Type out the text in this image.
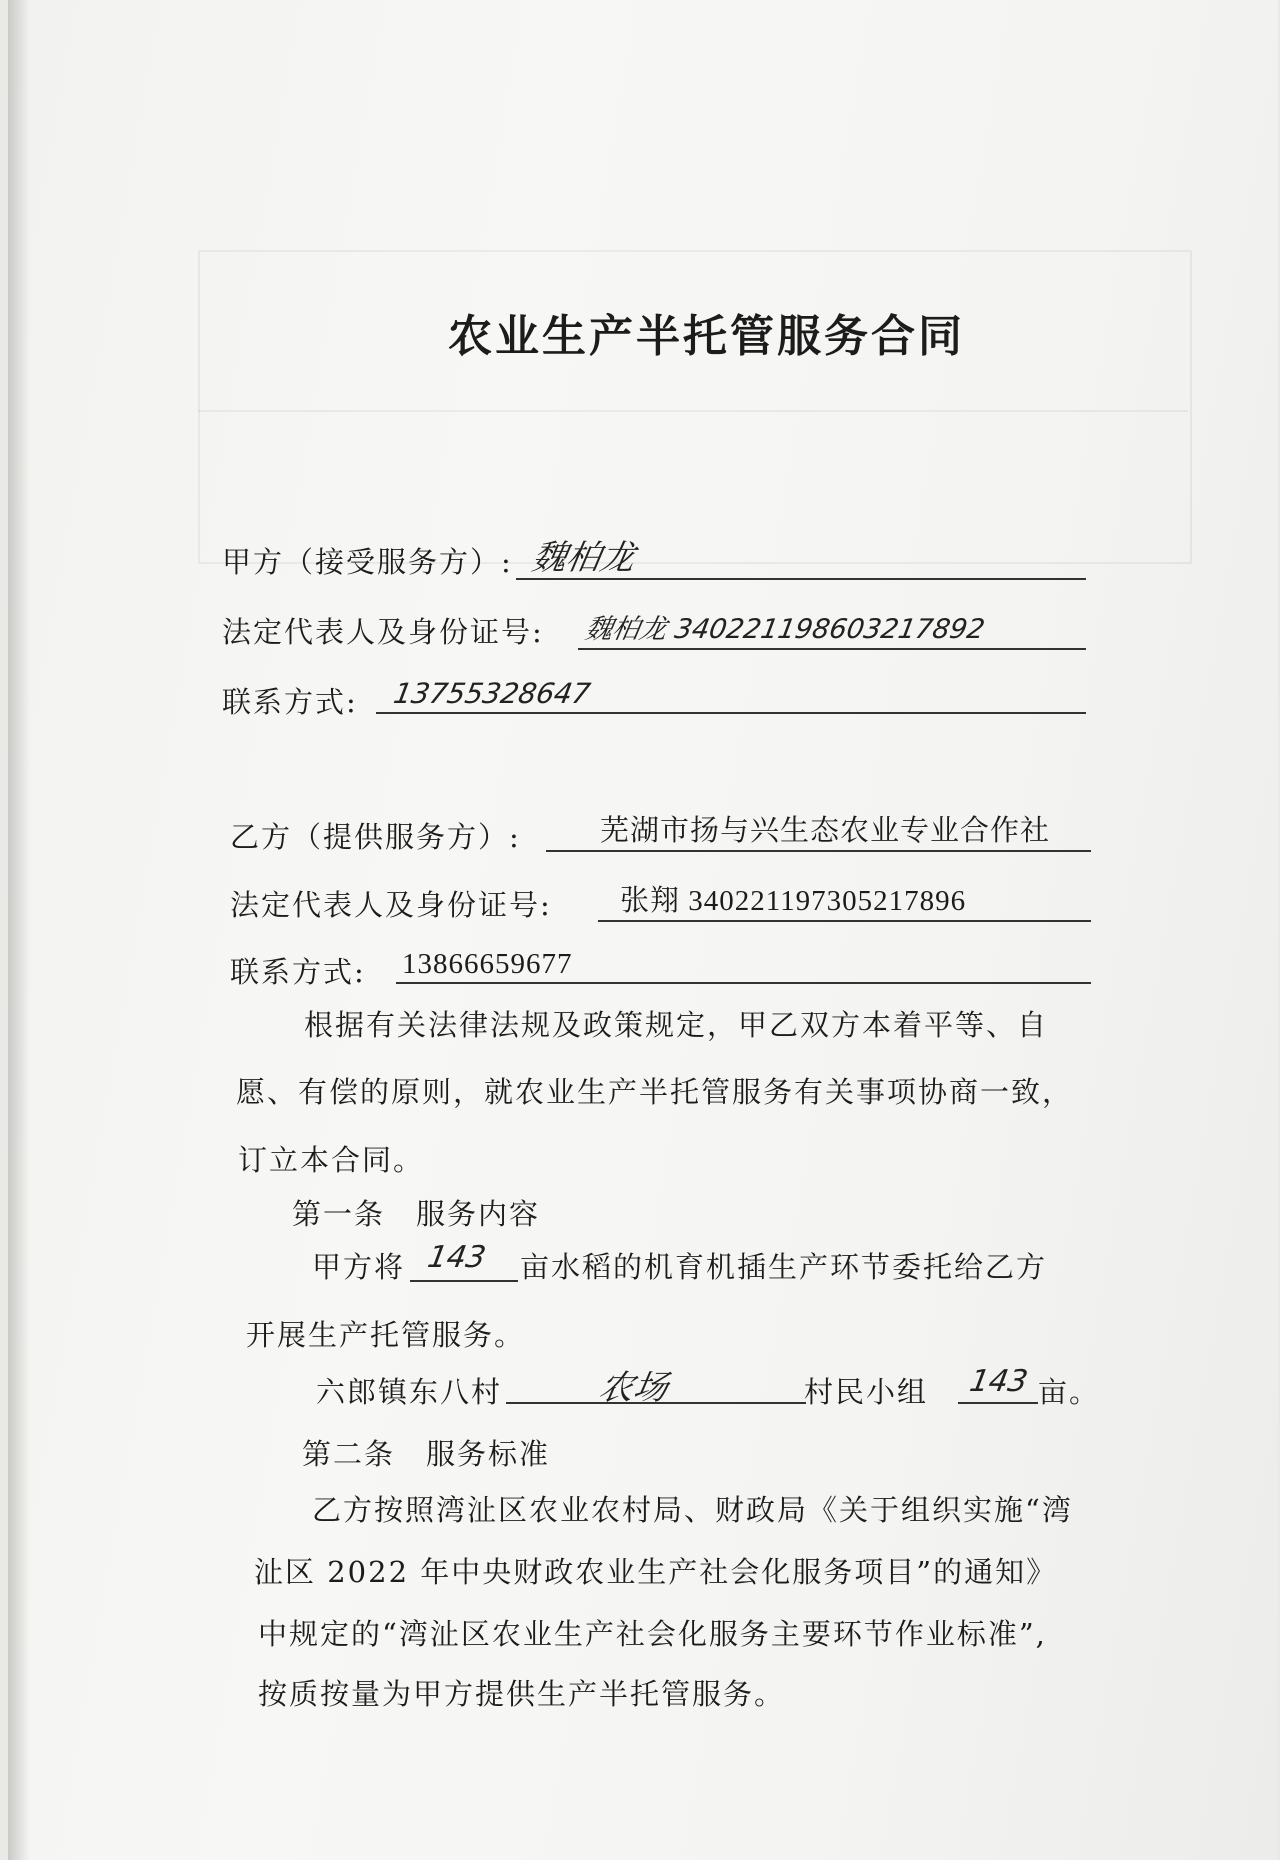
农业生产半托管服务合同
甲方（接受服务方）: 魏柏龙
法定代表人及身份证号: 魏柏龙 340221198603217892
联系方式: 13755328647
乙方（提供服务方）:	芜湖市扬与兴生态农业专业合作社
法定代表人及身份证号: 张翔 340221197305217896
联系方式: 13866659677
根据有关法律法规及政策规定，甲乙双方本着平等、自
愿、有偿的原则，就农业生产半托管服务有关事项协商一致，
订立本合同。
第一条　服务内容
甲方将 143 亩水稻的机育机插生产环节委托给乙方
开展生产托管服务。
六郎镇东八村	农场	村民小组 143 亩。
第二条　服务标准
乙方按照湾沚区农业农村局、财政局《关于组织实施“湾
沚区 2022 年中央财政农业生产社会化服务项目”的通知》
中规定的“湾沚区农业生产社会化服务主要环节作业标准”,
按质按量为甲方提供生产半托管服务。
